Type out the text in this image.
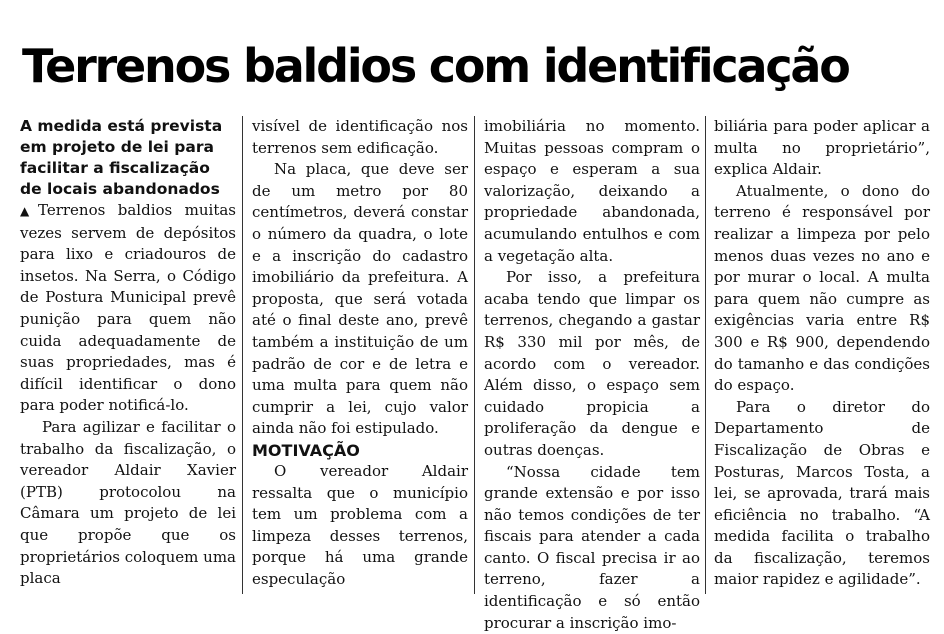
Terrenos baldios com identificação

A medida está prevista em projeto de lei para facilitar a fiscalização de locais abandonados

▲ Terrenos baldios muitas vezes servem de depósitos para lixo e criadouros de insetos. Na Serra, o Código de Postura Municipal prevê punição para quem não cuida adequadamente de suas propriedades, mas é difícil identificar o dono para poder notificá-lo.

Para agilizar e facilitar o trabalho da fiscalização, o vereador Aldair Xavier (PTB) protocolou na Câmara um projeto de lei que propõe que os proprietários coloquem uma placa

visível de identificação nos terrenos sem edificação.

Na placa, que deve ser de um metro por 80 centímetros, deverá constar o número da quadra, o lote e a inscrição do cadastro imobiliário da prefeitura. A proposta, que será votada até o final deste ano, prevê também a instituição de um padrão de cor e de letra e uma multa para quem não cumprir a lei, cujo valor ainda não foi estipulado.

MOTIVAÇÃO

O vereador Aldair ressalta que o município tem um problema com a limpeza desses terrenos, porque há uma grande especulação

imobiliária no momento. Muitas pessoas compram o espaço e esperam a sua valorização, deixando a propriedade abandonada, acumulando entulhos e com a vegetação alta.

Por isso, a prefeitura acaba tendo que limpar os terrenos, chegando a gastar R$ 330 mil por mês, de acordo com o vereador. Além disso, o espaço sem cuidado propicia a proliferação da dengue e outras doenças.

“Nossa cidade tem grande extensão e por isso não temos condições de ter fiscais para atender a cada canto. O fiscal precisa ir ao terreno, fazer a identificação e só então procurar a inscrição imo-

biliária para poder aplicar a multa no proprietário”, explica Aldair.

Atualmente, o dono do terreno é responsável por realizar a limpeza por pelo menos duas vezes no ano e por murar o local. A multa para quem não cumpre as exigências varia entre R$ 300 e R$ 900, dependendo do tamanho e das condições do espaço.

Para o diretor do Departamento de Fiscalização de Obras e Posturas, Marcos Tosta, a lei, se aprovada, trará mais eficiência no trabalho. “A medida facilita o trabalho da fiscalização, teremos maior rapidez e agilidade”.
